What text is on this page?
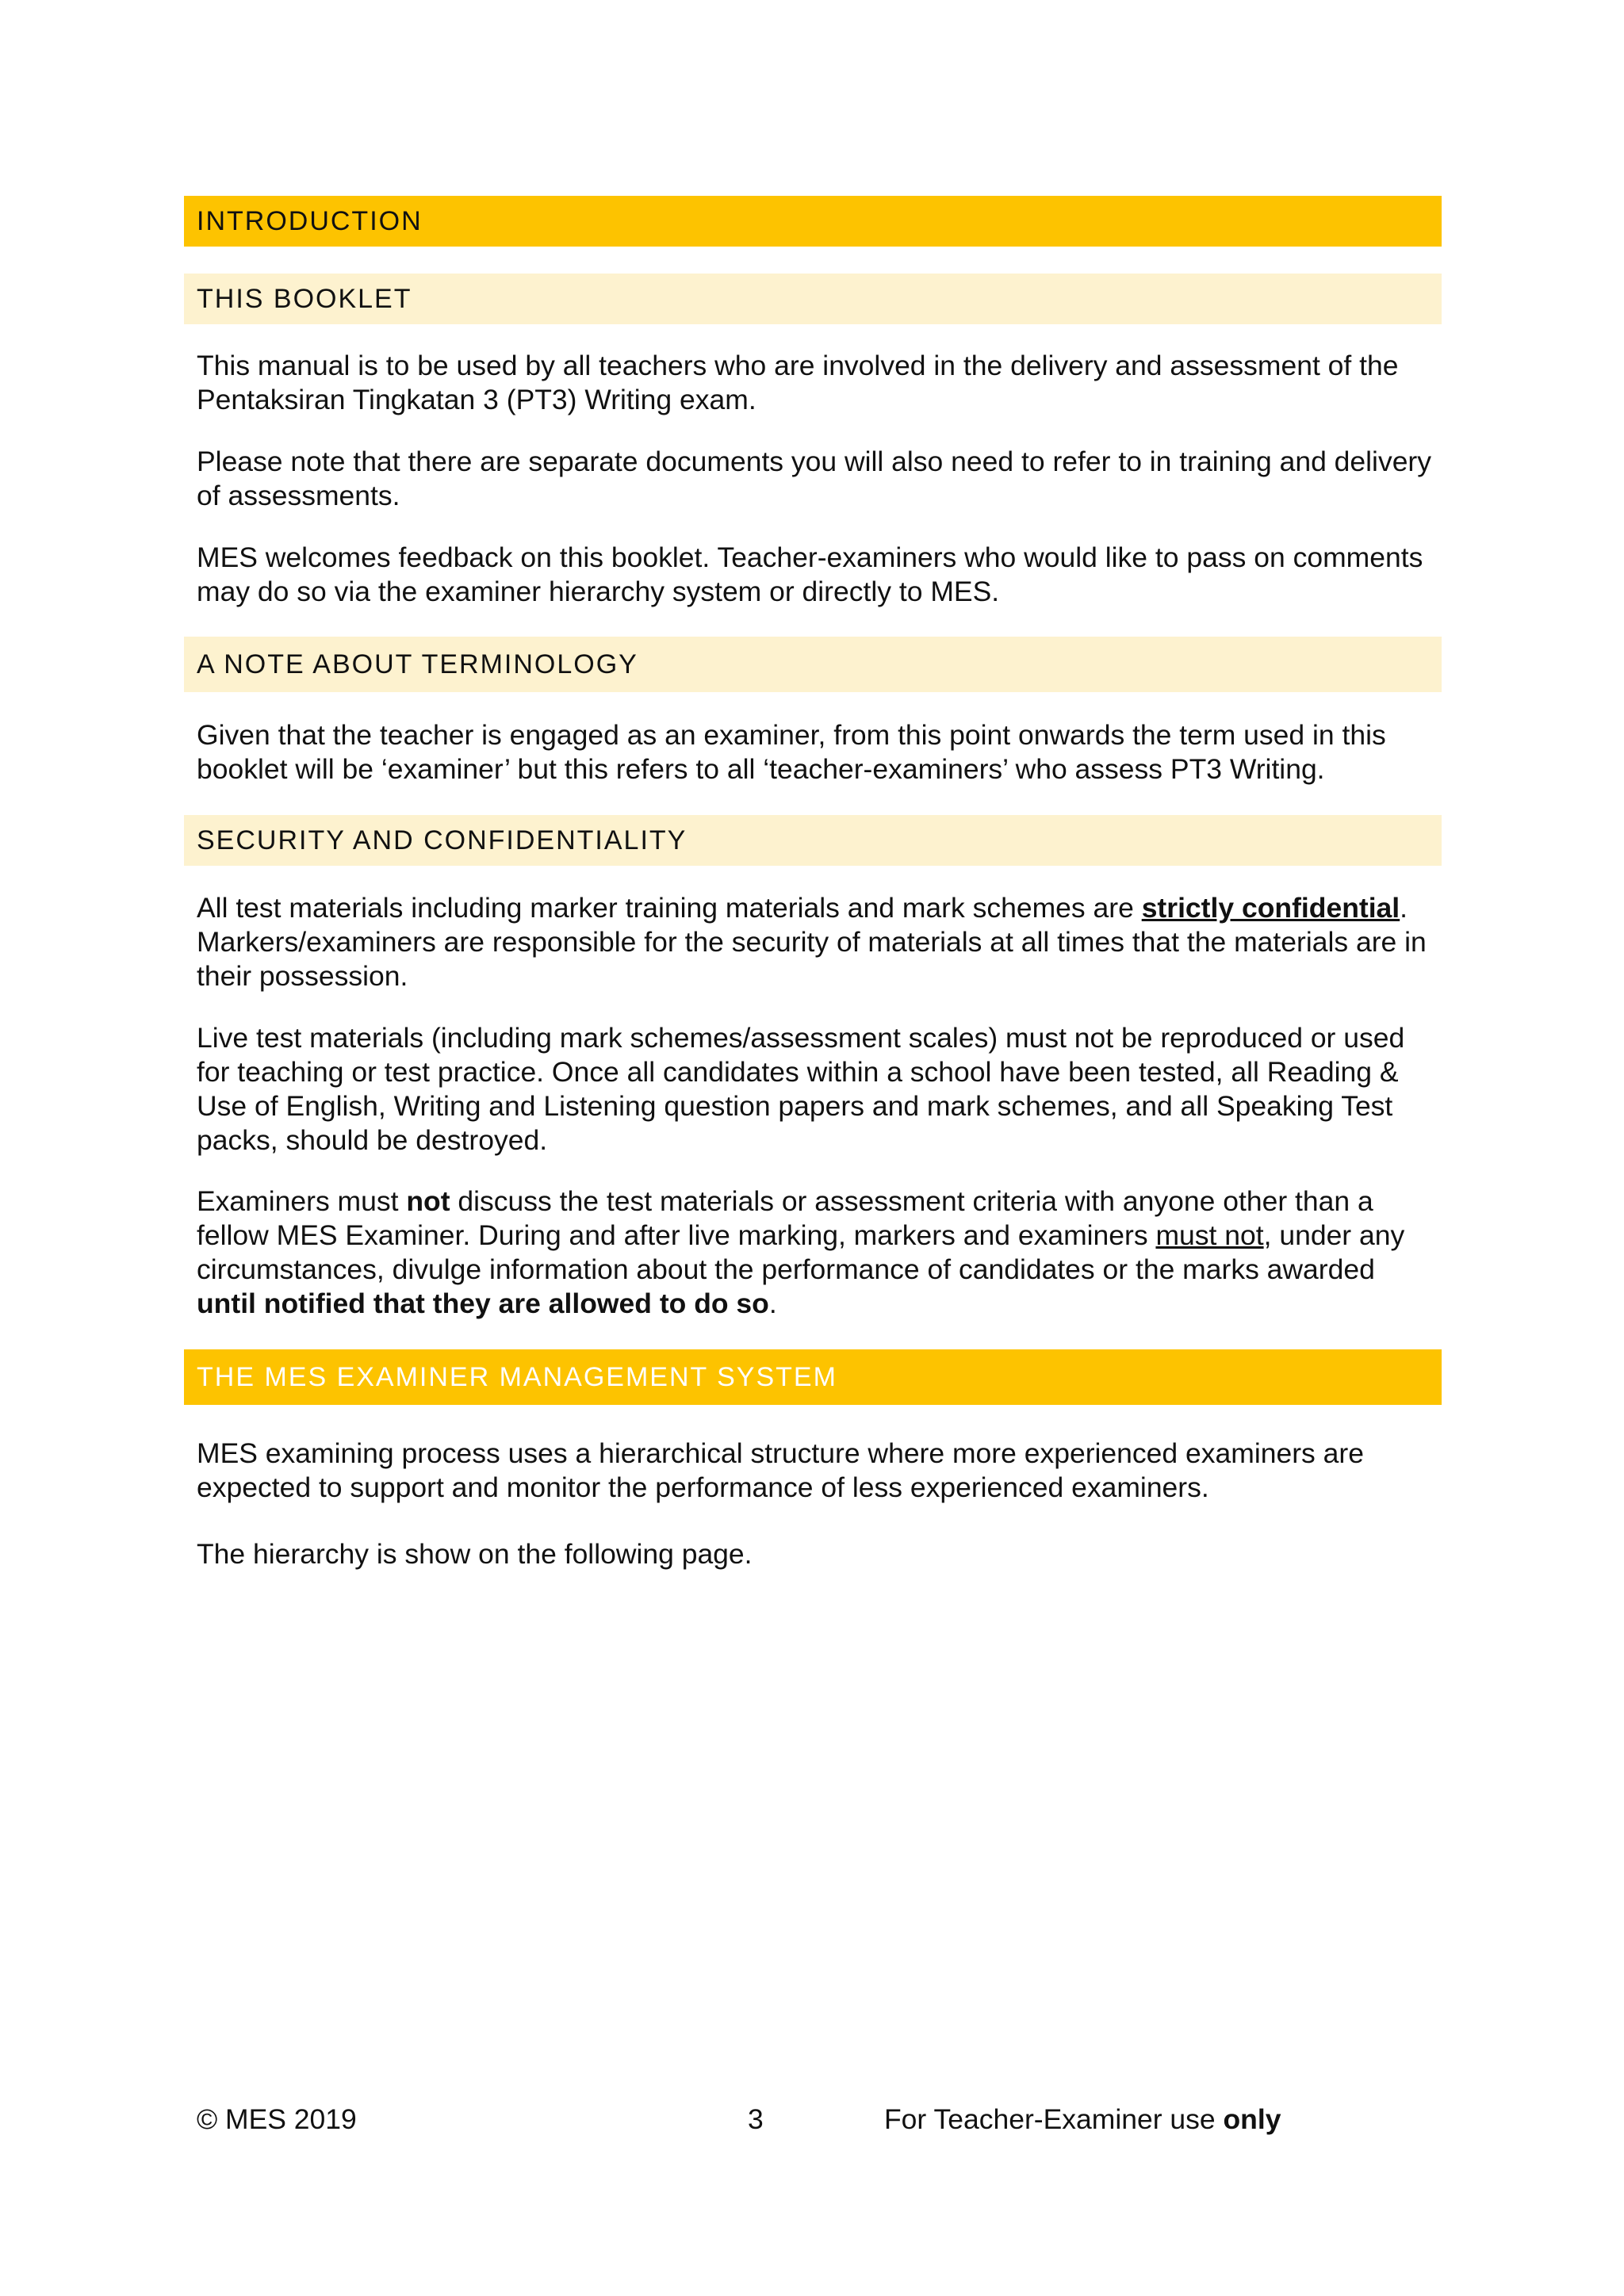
INTRODUCTION
THIS BOOKLET

This manual is to be used by all teachers who are involved in the delivery and assessment of the Pentaksiran Tingkatan 3 (PT3) Writing exam.

Please note that there are separate documents you will also need to refer to in training and delivery of assessments.

MES welcomes feedback on this booklet. Teacher-examiners who would like to pass on comments may do so via the examiner hierarchy system or directly to MES.

A NOTE ABOUT TERMINOLOGY

Given that the teacher is engaged as an examiner, from this point onwards the term used in this booklet will be ‘examiner’ but this refers to all ‘teacher-examiners’ who assess PT3 Writing.

SECURITY AND CONFIDENTIALITY

All test materials including marker training materials and mark schemes are strictly confidential. Markers/examiners are responsible for the security of materials at all times that the materials are in their possession.

Live test materials (including mark schemes/assessment scales) must not be reproduced or used for teaching or test practice. Once all candidates within a school have been tested, all Reading & Use of English, Writing and Listening question papers and mark schemes, and all Speaking Test packs, should be destroyed.

Examiners must not discuss the test materials or assessment criteria with anyone other than a fellow MES Examiner. During and after live marking, markers and examiners must not, under any circumstances, divulge information about the performance of candidates or the marks awarded until notified that they are allowed to do so.

THE MES EXAMINER MANAGEMENT SYSTEM

MES examining process uses a hierarchical structure where more experienced examiners are expected to support and monitor the performance of less experienced examiners.

The hierarchy is show on the following page.

© MES 2019	3	For Teacher-Examiner use only
